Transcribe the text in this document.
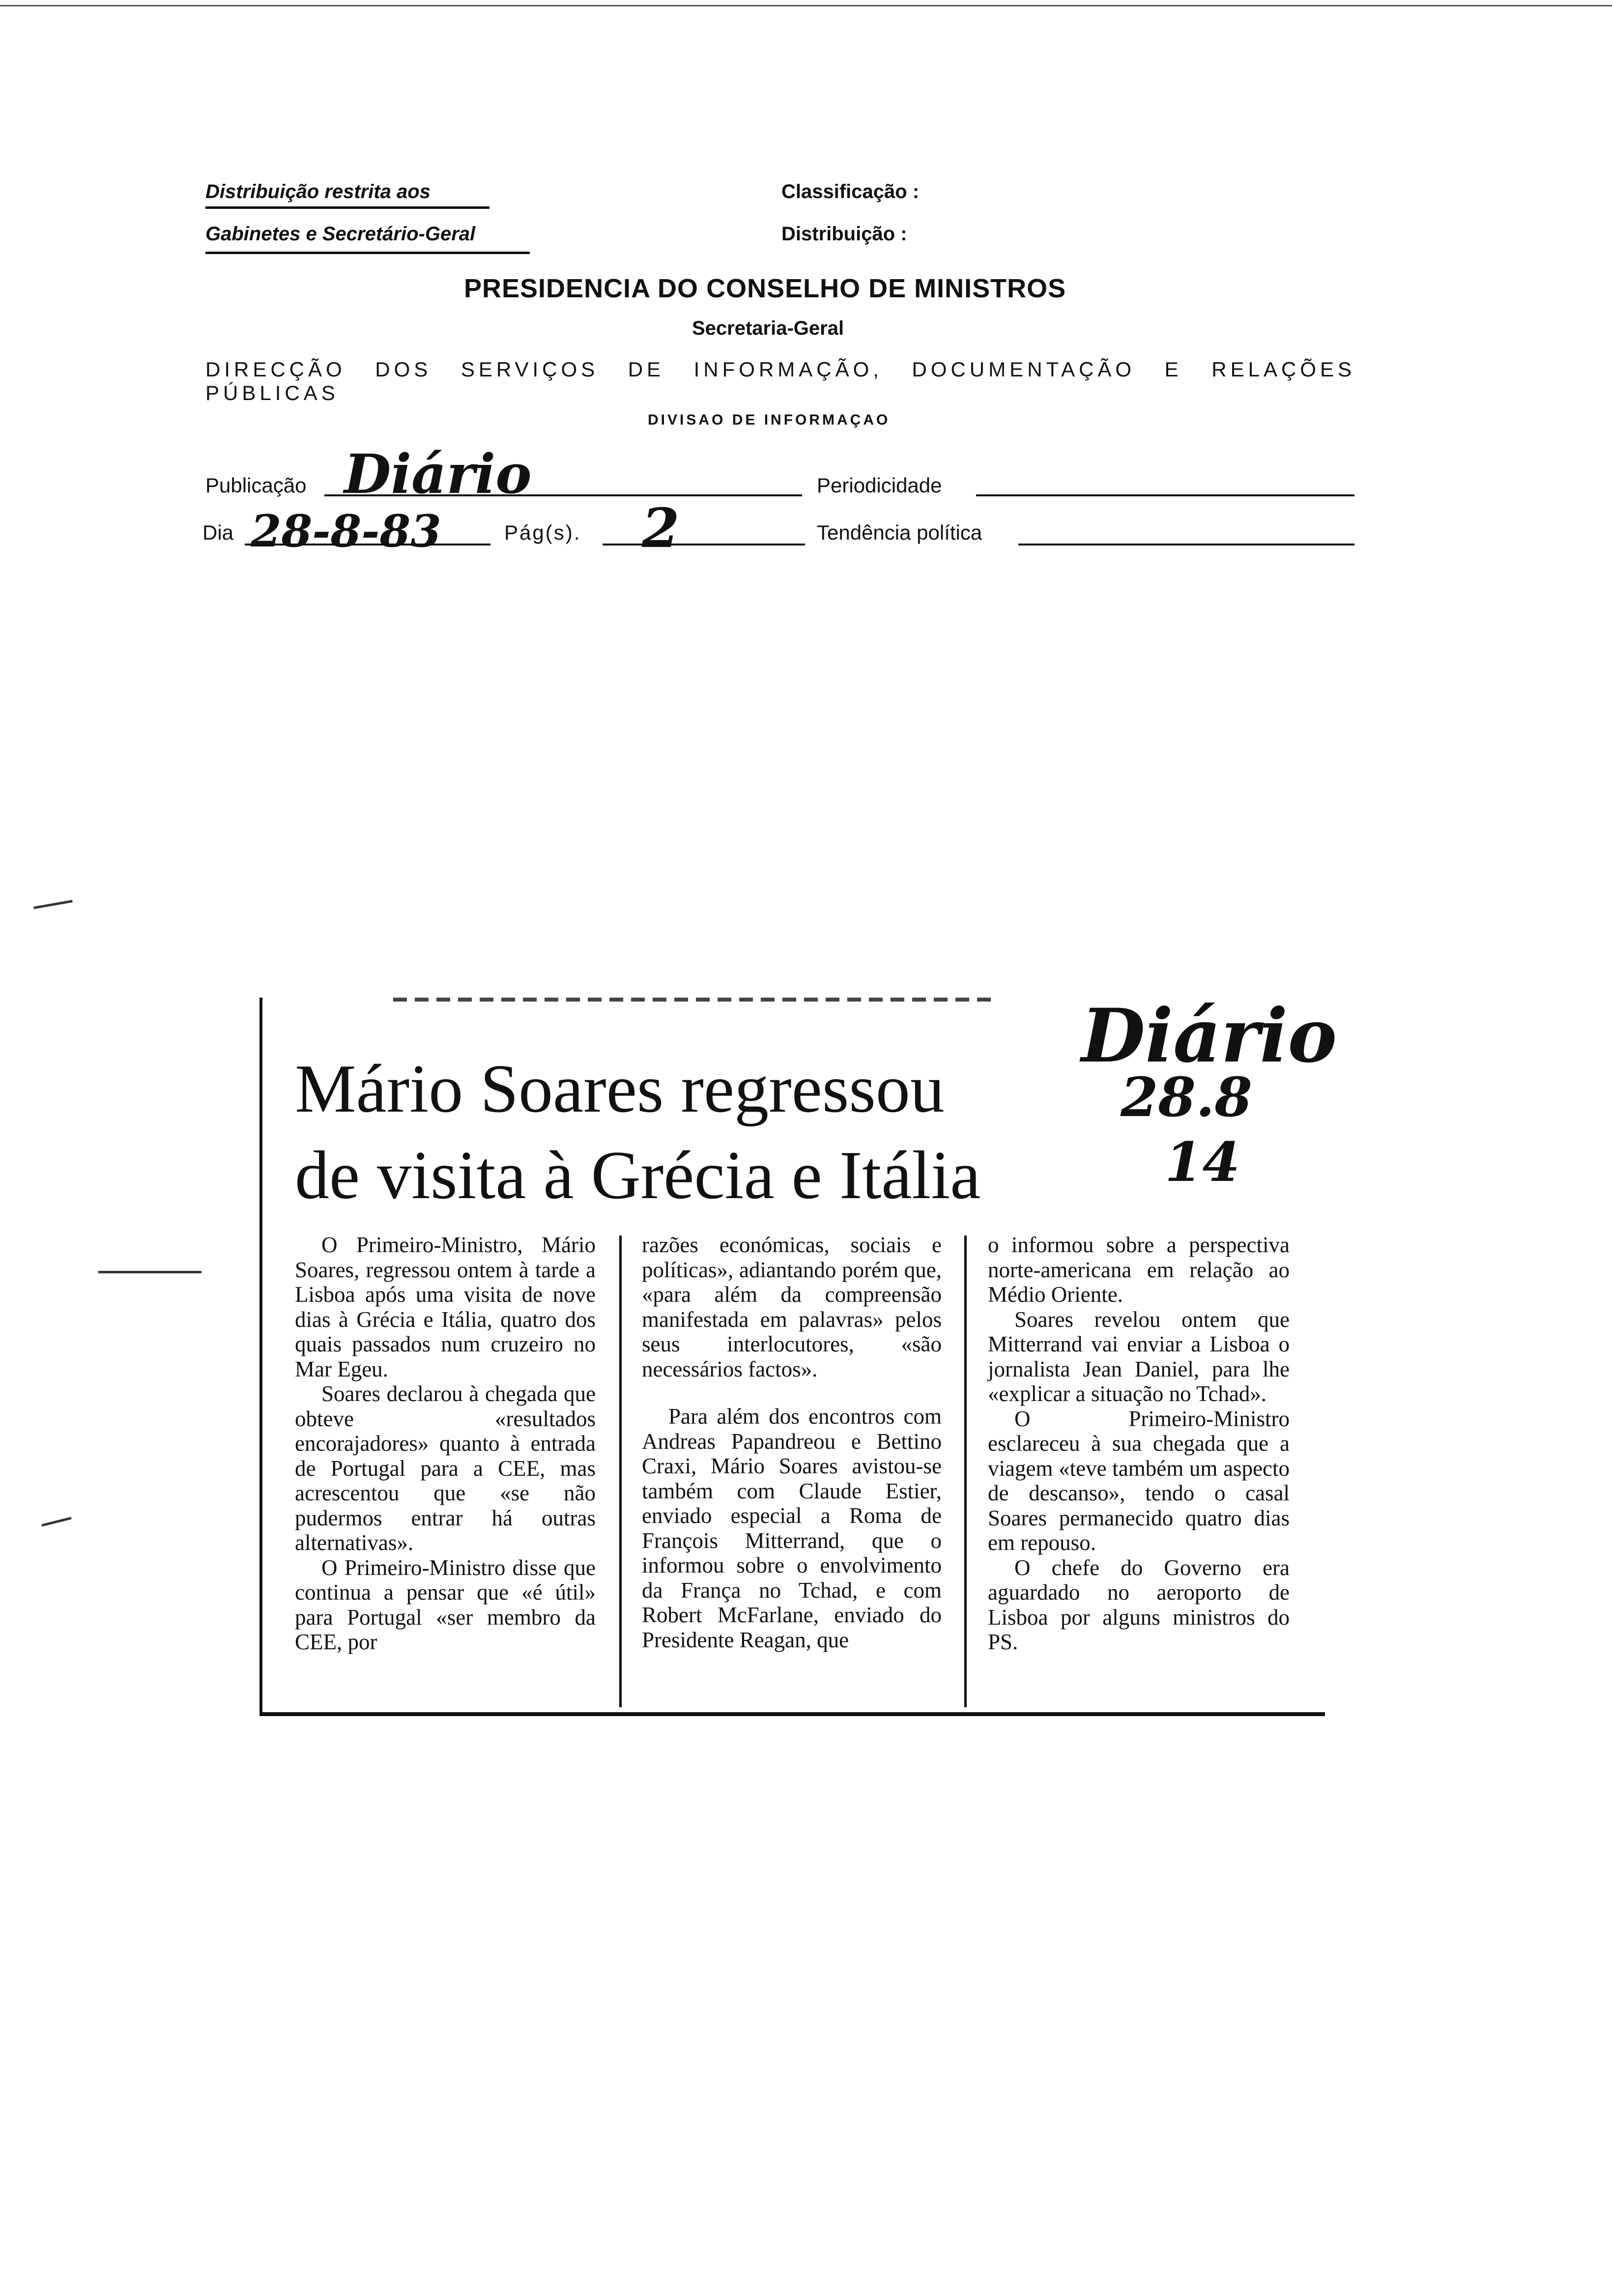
Distribuição restrita aos
Gabinetes e Secretário-Geral
Classificação :
Distribuição :
PRESIDENCIA DO CONSELHO DE MINISTROS
Secretaria-Geral
DIRECÇÃO DOS SERVIÇOS DE INFORMAÇÃO, DOCUMENTAÇÃO E RELAÇÕES PÚBLICAS
DIVISAO DE INFORMAÇAO
Publicação Diário	Periodicidade
Dia 28-8-83	Pág(s). 2	Tendência política
Diário
28.8
14
Mário Soares regressou
de visita à Grécia e Itália

O Primeiro-Ministro, Mário Soares, regressou ontem à tarde a Lisboa após uma visita de nove dias à Grécia e Itália, quatro dos quais passados num cruzeiro no Mar Egeu.

Soares declarou à chegada que obteve «resultados encorajadores» quanto à entrada de Portugal para a CEE, mas acrescentou que «se não pudermos entrar há outras alternativas».

O Primeiro-Ministro disse que continua a pensar que «é útil» para Portugal «ser membro da CEE, por

razões económicas, sociais e políticas», adiantando porém que, «para além da compreensão manifestada em palavras» pelos seus interlocutores, «são necessários factos».

Para além dos encontros com Andreas Papandreou e Bettino Craxi, Mário Soares avistou-se também com Claude Estier, enviado especial a Roma de François Mitterrand, que o informou sobre o envolvimento da França no Tchad, e com Robert McFarlane, enviado do Presidente Reagan, que

o informou sobre a perspectiva norte-americana em relação ao Médio Oriente.

Soares revelou ontem que Mitterrand vai enviar a Lisboa o jornalista Jean Daniel, para lhe «explicar a situação no Tchad».

O Primeiro-Ministro esclareceu à sua chegada que a viagem «teve também um aspecto de descanso», tendo o casal Soares permanecido quatro dias em repouso.

O chefe do Governo era aguardado no aeroporto de Lisboa por alguns ministros do PS.
